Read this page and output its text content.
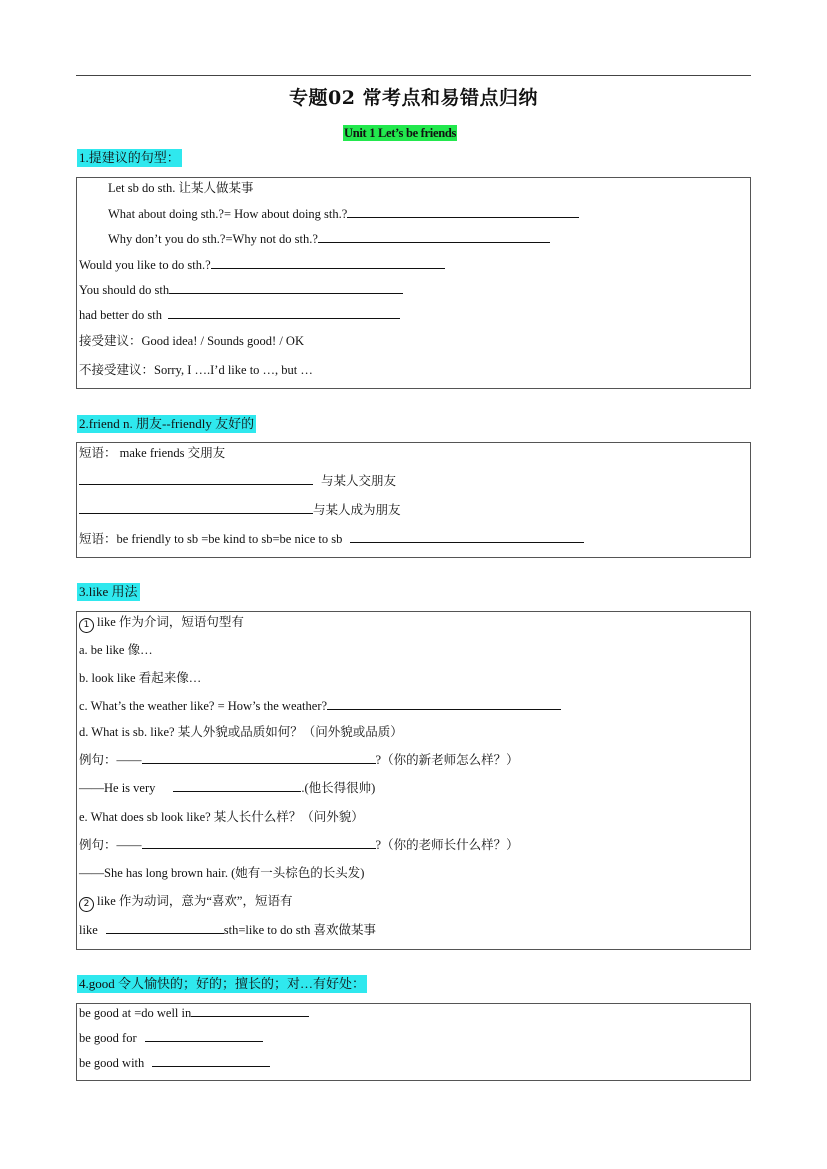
专题02 常考点和易错点归纳
Unit 1 Let’s be friends
1.提建议的句型：
Let sb do sth. 让某人做某事
What about doing sth.?= How about doing sth.?
Why don’t you do sth.?=Why not do sth.?
Would you like to do sth.?
You should do sth
had better do sth
接受建议：Good idea! / Sounds good! / OK
不接受建议：Sorry, I ….I’d like to …, but …
2.friend n. 朋友--friendly 友好的
短语： make friends 交朋友
与某人交朋友
与某人成为朋友
短语：be friendly to sb =be kind to sb=be nice to sb
3.like 用法
1 like 作为介词，短语句型有
a. be like 像…
b. look like 看起来像…
c. What’s the weather like? = How’s the weather?
d. What is sb. like? 某人外貌或品质如何？（问外貌或品质）
例句：——	?（你的新老师怎么样？）
——He is very	.(他长得很帅)
e. What does sb look like? 某人长什么样？（问外貌）
例句：——	?（你的老师长什么样？）
——She has long brown hair. (她有一头棕色的长头发)
2 like 作为动词，意为“喜欢”，短语有
like	sth=like to do sth 喜欢做某事
4.good 令人愉快的；好的；擅长的；对…有好处：
be good at =do well in
be good for
be good with
